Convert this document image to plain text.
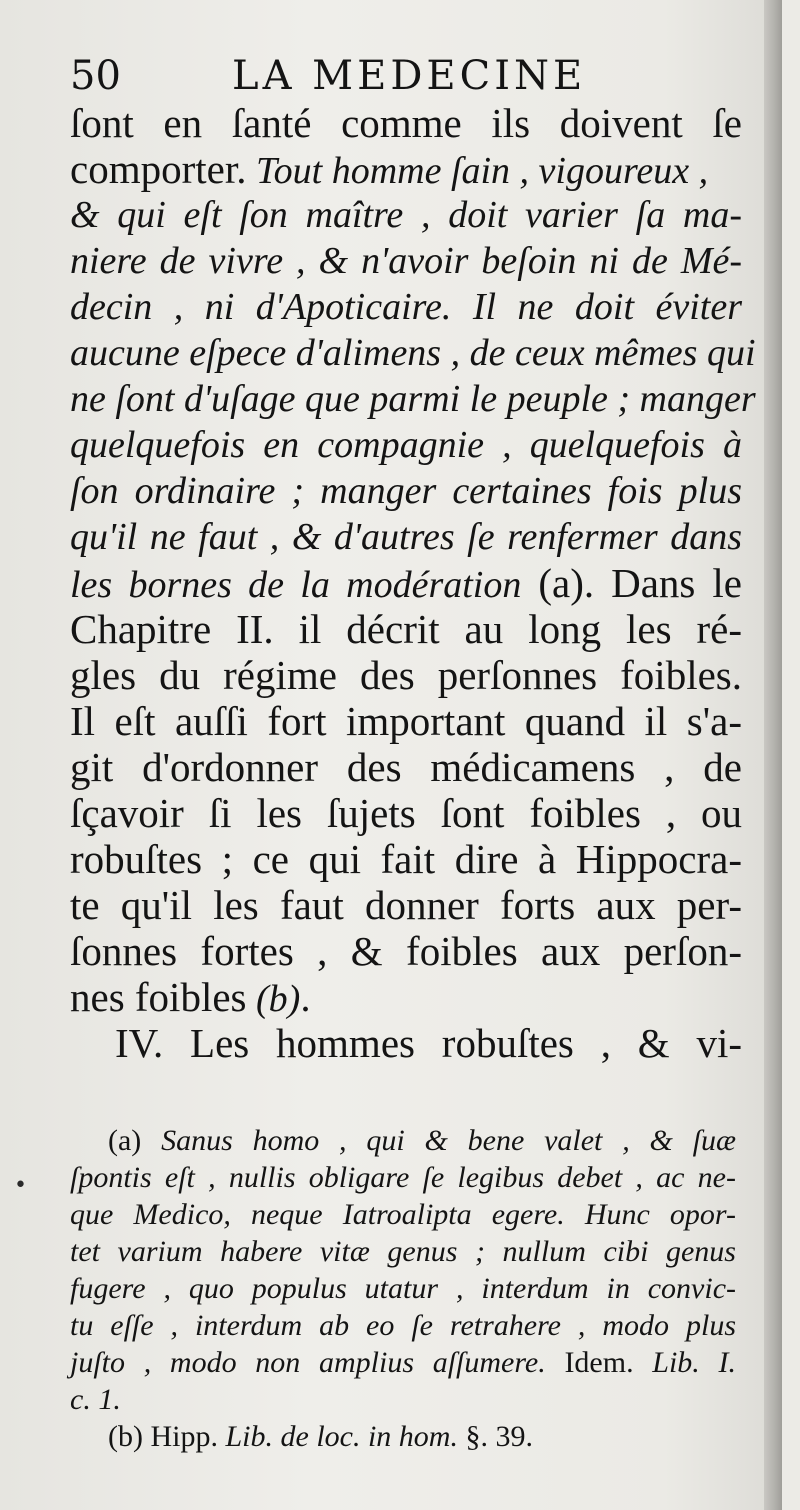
50	LA MEDECINE
ſont en ſanté comme ils doivent ſe
comporter. Tout homme ſain , vigoureux ,
& qui eſt ſon maître , doit varier ſa ma-
niere de vivre , & n'avoir beſoin ni de Mé-
decin , ni d'Apoticaire. Il ne doit éviter
aucune eſpece d'alimens , de ceux mêmes qui
ne ſont d'uſage que parmi le peuple ; manger
quelquefois en compagnie , quelquefois à
ſon ordinaire ; manger certaines fois plus
qu'il ne faut , & d'autres ſe renfermer dans
les bornes de la modération (a). Dans le
Chapitre II. il décrit au long les ré-
gles du régime des perſonnes foibles.
Il eſt auſſi fort important quand il s'a-
git d'ordonner des médicamens , de
ſçavoir ſi les ſujets ſont foibles , ou
robuſtes ; ce qui fait dire à Hippocra-
te qu'il les faut donner forts aux per-
ſonnes fortes , & foibles aux perſon-
nes foibles (b).
IV. Les hommes robuſtes , & vi-
•
(a) Sanus homo , qui & bene valet , & ſuæ
ſpontis eſt , nullis obligare ſe legibus debet , ac ne-
que Medico, neque Iatroalipta egere. Hunc opor-
tet varium habere vitæ genus ; nullum cibi genus
fugere , quo populus utatur , interdum in convic-
tu eſſe , interdum ab eo ſe retrahere , modo plus
juſto , modo non amplius aſſumere. Idem. Lib. I.
c. 1.
(b) Hipp. Lib. de loc. in hom. §. 39.
